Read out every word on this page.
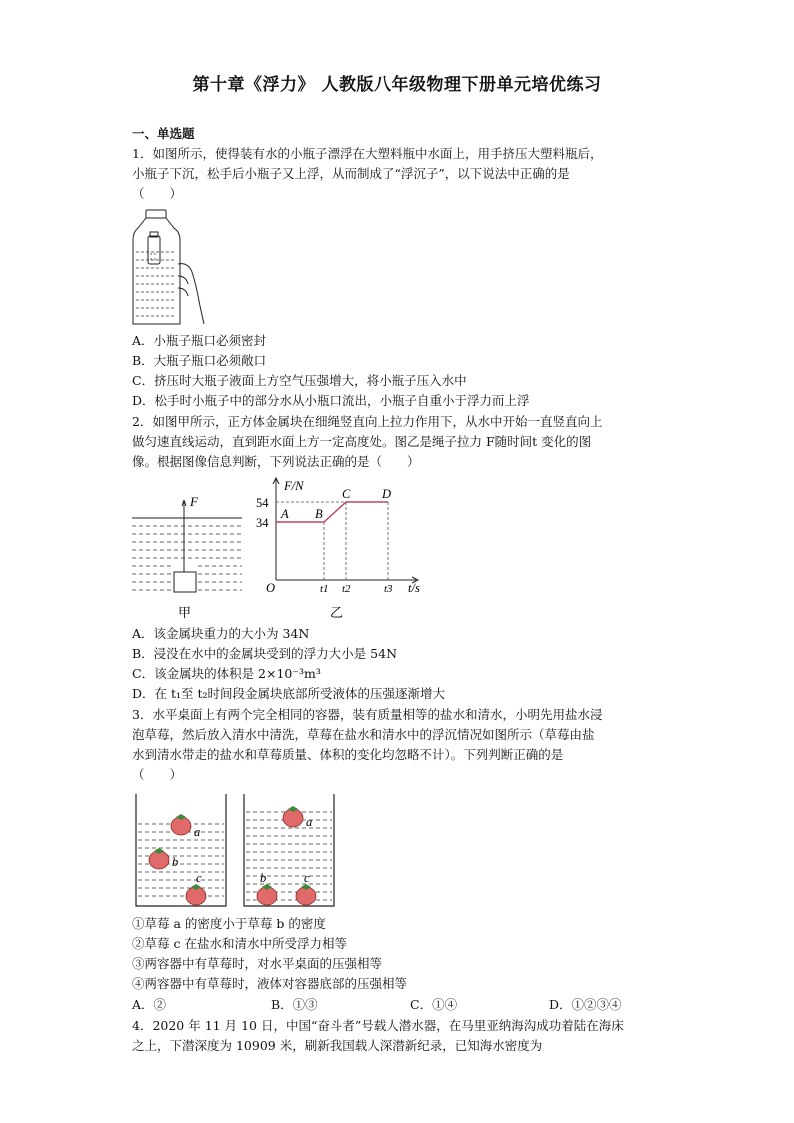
第十章《浮力》 人教版八年级物理下册单元培优练习
一、单选题
1．如图所示，使得装有水的小瓶子漂浮在大塑料瓶中水面上，用手挤压大塑料瓶后，
小瓶子下沉，松手后小瓶子又上浮，从而制成了“浮沉子”，以下说法中正确的是
（　　）
A．小瓶子瓶口必须密封
B．大瓶子瓶口必须敞口
C．挤压时大瓶子液面上方空气压强增大，将小瓶子压入水中
D．松手时小瓶子中的部分水从小瓶口流出，小瓶子自重小于浮力而上浮
2．如图甲所示，正方体金属块在细绳竖直向上拉力作用下，从水中开始一直竖直向上
做匀速直线运动，直到距水面上方一定高度处。图乙是绳子拉力 F随时间t 变化的图
像。根据图像信息判断，下列说法正确的是（　　）
F
甲
F/N
54
34
A B
C	D
O	t1 t2	t3 t/s
乙
A．该金属块重力的大小为 34N
B．浸没在水中的金属块受到的浮力大小是 54N
C．该金属块的体积是 2×10⁻³m³
D．在 t₁至 t₂时间段金属块底部所受液体的压强逐渐增大
3．水平桌面上有两个完全相同的容器，装有质量相等的盐水和清水，小明先用盐水浸
泡草莓，然后放入清水中清洗，草莓在盐水和清水中的浮沉情况如图所示（草莓由盐
水到清水带走的盐水和草莓质量、体积的变化均忽略不计）。下列判断正确的是
（　　）
a
b
c
a
b	c
①草莓 a 的密度小于草莓 b 的密度
②草莓 c 在盐水和清水中所受浮力相等
③两容器中有草莓时，对水平桌面的压强相等
④两容器中有草莓时，液体对容器底部的压强相等
A．②	B．①③	C．①④	D．①②③④
4．2020 年 11 月 10 日，中国“奋斗者”号载人潜水器，在马里亚纳海沟成功着陆在海床
之上，下潜深度为 10909 米，刷新我国载人深潜新纪录，已知海水密度为
